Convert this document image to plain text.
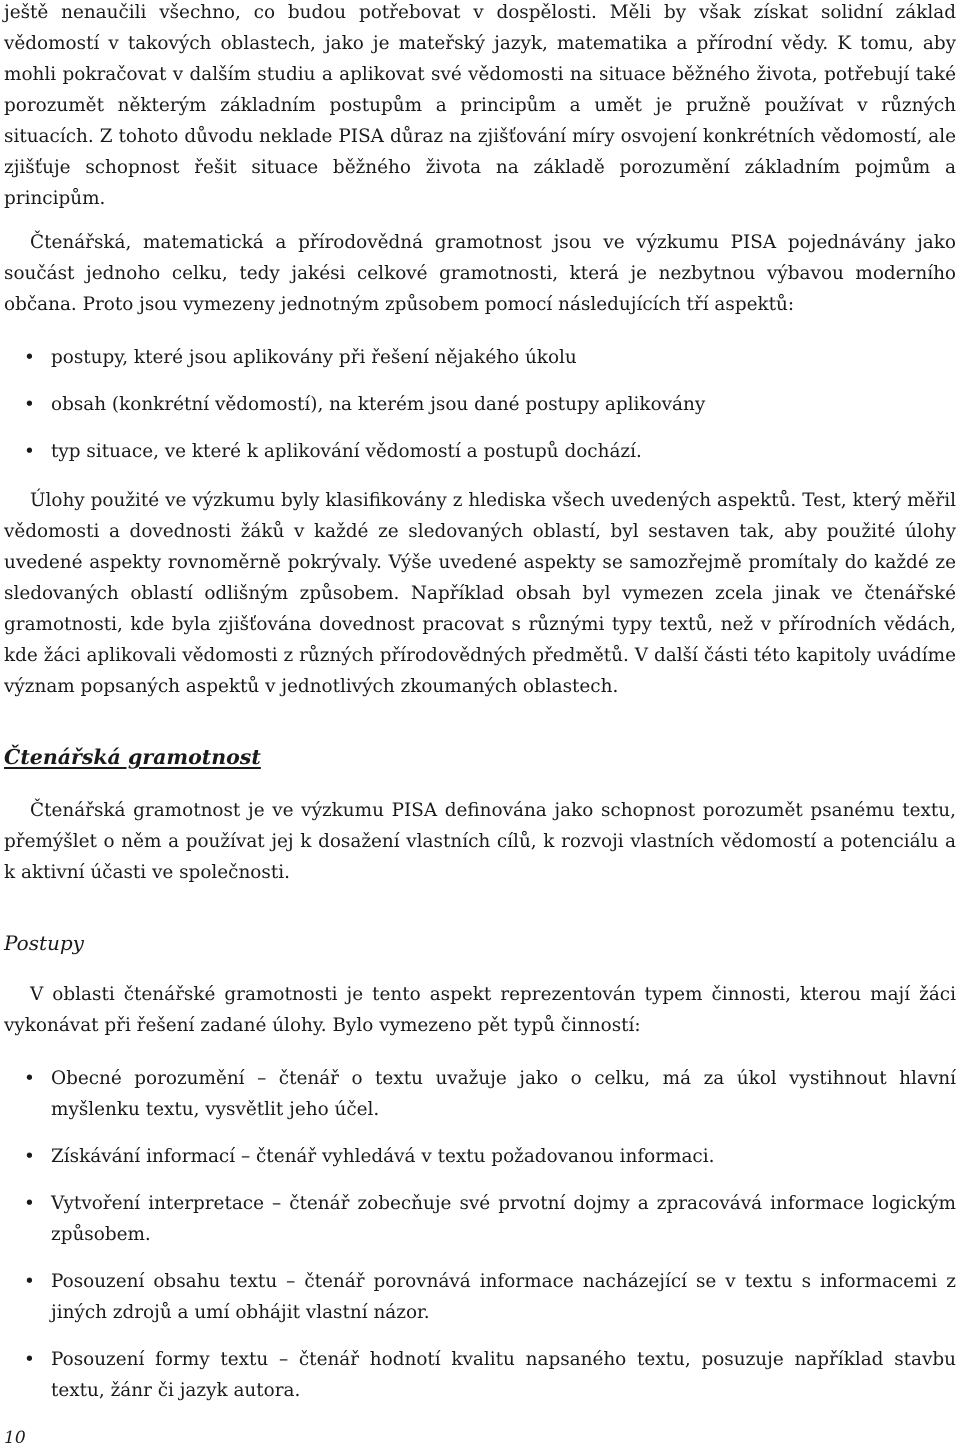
ještě nenaučili všechno, co budou potřebovat v dospělosti. Měli by však získat solidní základ vědomostí v takových oblastech, jako je mateřský jazyk, matematika a přírodní vědy. K tomu, aby mohli pokračovat v dalším studiu a aplikovat své vědomosti na situace běžného života, potřebují také porozumět některým základním postupům a principům a umět je pružně používat v různých situacích. Z tohoto důvodu neklade PISA důraz na zjišťování míry osvojení konkrétních vědomostí, ale zjišťuje schopnost řešit situace běžného života na základě porozumění základním pojmům a principům.

Čtenářská, matematická a přírodovědná gramotnost jsou ve výzkumu PISA pojednávány jako součást jednoho celku, tedy jakési celkové gramotnosti, která je nezbytnou výbavou moderního občana. Proto jsou vymezeny jednotným způsobem pomocí následujících tří aspektů:

• postupy, které jsou aplikovány při řešení nějakého úkolu
• obsah (konkrétní vědomostí), na kterém jsou dané postupy aplikovány
• typ situace, ve které k aplikování vědomostí a postupů dochází.

Úlohy použité ve výzkumu byly klasifikovány z hlediska všech uvedených aspektů. Test, který měřil vědomosti a dovednosti žáků v každé ze sledovaných oblastí, byl sestaven tak, aby použité úlohy uvedené aspekty rovnoměrně pokrývaly. Výše uvedené aspekty se samozřejmě promítaly do každé ze sledovaných oblastí odlišným způsobem. Například obsah byl vymezen zcela jinak ve čtenářské gramotnosti, kde byla zjišťována dovednost pracovat s různými typy textů, než v přírodních vědách, kde žáci aplikovali vědomosti z různých přírodovědných předmětů. V další části této kapitoly uvádíme význam popsaných aspektů v jednotlivých zkoumaných oblastech.

Čtenářská gramotnost

Čtenářská gramotnost je ve výzkumu PISA definována jako schopnost porozumět psanému textu, přemýšlet o něm a používat jej k dosažení vlastních cílů, k rozvoji vlastních vědomostí a potenciálu a k aktivní účasti ve společnosti.

Postupy

V oblasti čtenářské gramotnosti je tento aspekt reprezentován typem činnosti, kterou mají žáci vykonávat při řešení zadané úlohy. Bylo vymezeno pět typů činností:

• Obecné porozumění – čtenář o textu uvažuje jako o celku, má za úkol vystihnout hlavní myšlenku textu, vysvětlit jeho účel.
• Získávání informací – čtenář vyhledává v textu požadovanou informaci.
• Vytvoření interpretace – čtenář zobecňuje své prvotní dojmy a zpracovává informace logickým způsobem.
• Posouzení obsahu textu – čtenář porovnává informace nacházející se v textu s informacemi z jiných zdrojů a umí obhájit vlastní názor.
• Posouzení formy textu – čtenář hodnotí kvalitu napsaného textu, posuzuje například stavbu textu, žánr či jazyk autora.
10
